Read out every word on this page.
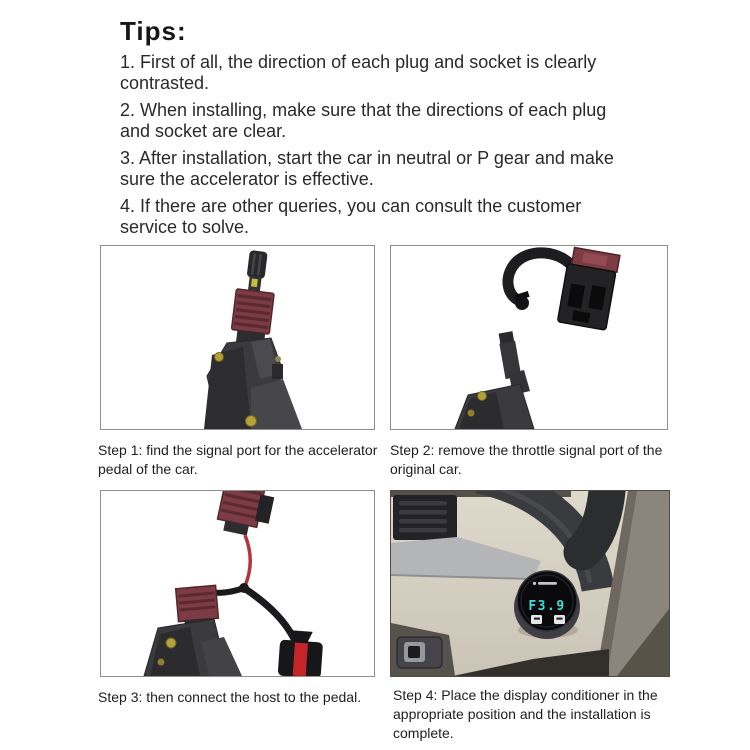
Tips:
1. First of all, the direction of each plug and socket is clearly
contrasted.
2. When installing, make sure that the directions of each plug
and socket are clear.
3. After installation, start the car in neutral or P gear and make
sure the accelerator is effective.
4. If there are other queries, you can consult the customer
service to solve.
Step 1: find the signal port for the accelerator
pedal of the car.
Step 2: remove the throttle signal port of the
original car.
F3.9
Step 3: then connect the host to the pedal.	Step 4: Place the display conditioner in the
appropriate position and the installation is
complete.
